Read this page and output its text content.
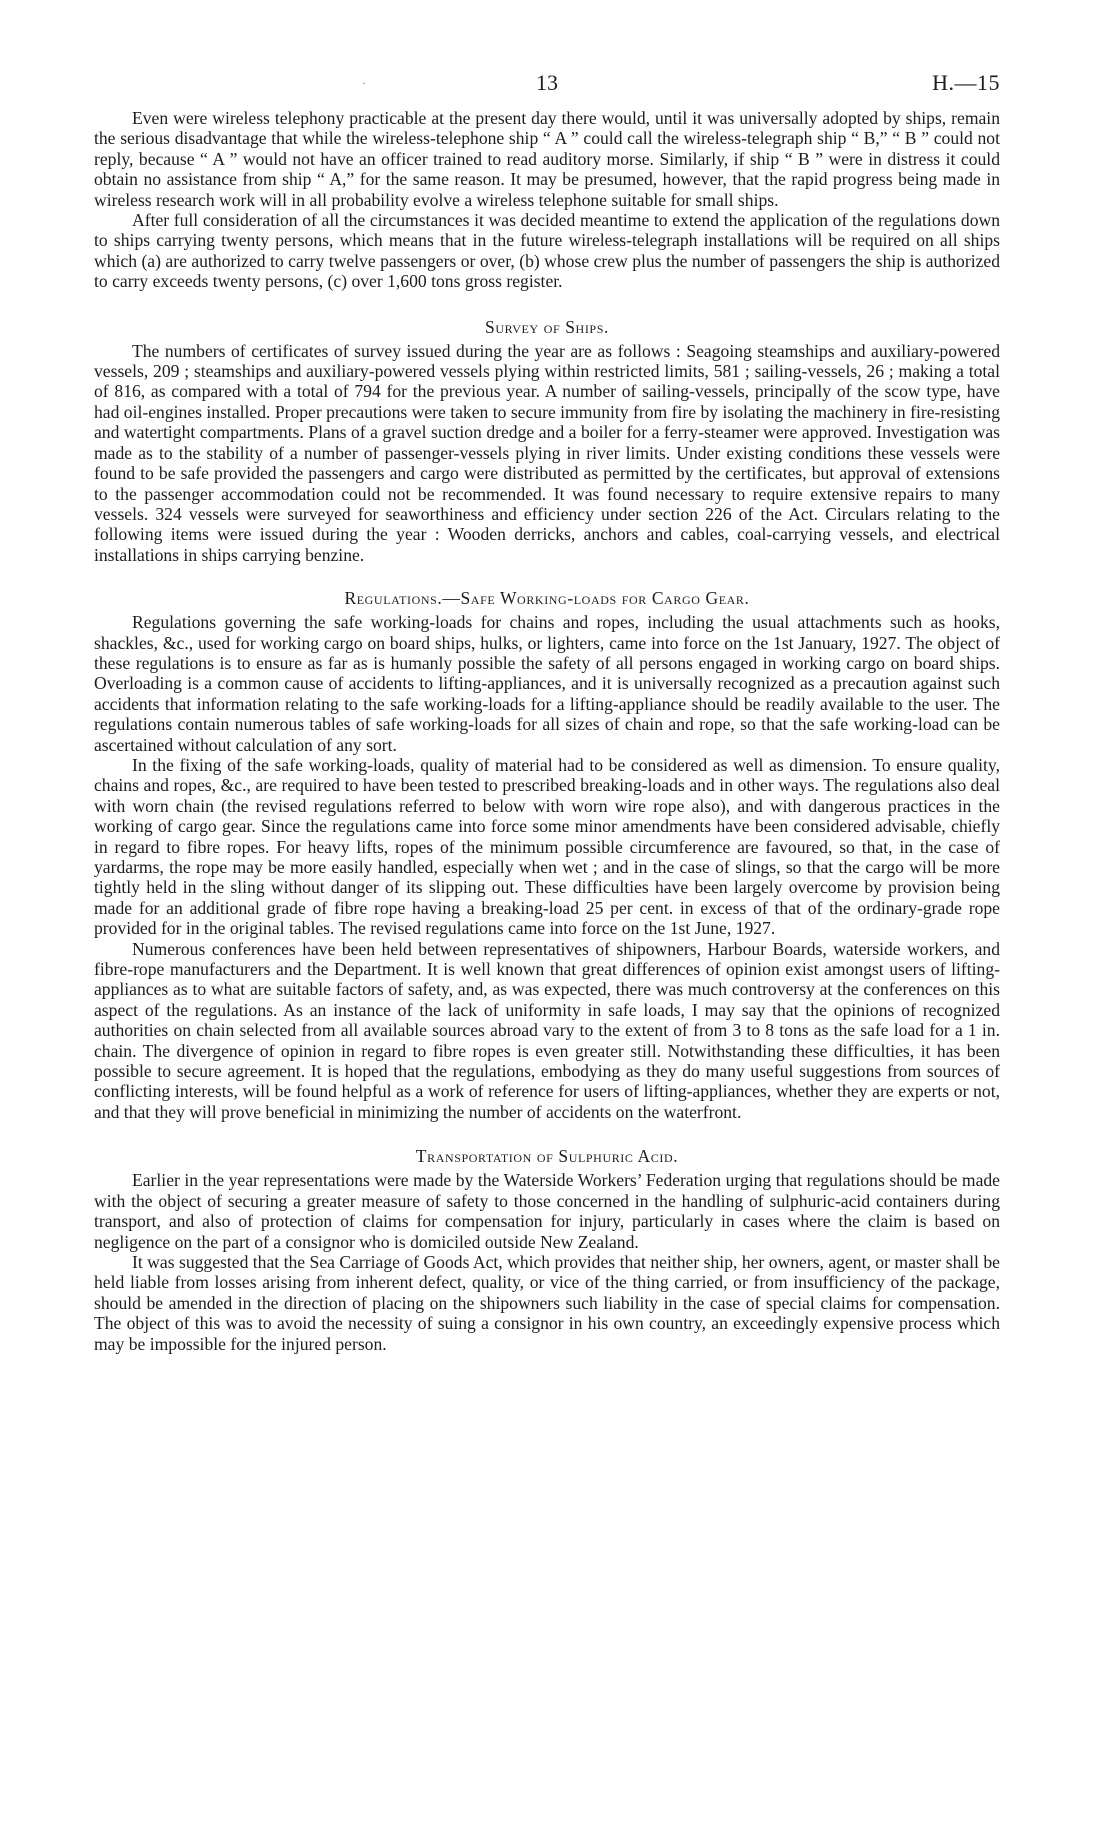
·	13	H.—15

Even were wireless telephony practicable at the present day there would, until it was universally adopted by ships, remain the serious disadvantage that while the wireless-telephone ship “ A ” could call the wireless-telegraph ship “ B,” “ B ” could not reply, because “ A ” would not have an officer trained to read auditory morse. Similarly, if ship “ B ” were in distress it could obtain no assistance from ship “ A,” for the same reason. It may be presumed, however, that the rapid progress being made in wireless research work will in all probability evolve a wireless telephone suitable for small ships.

After full consideration of all the circumstances it was decided meantime to extend the application of the regulations down to ships carrying twenty persons, which means that in the future wireless-telegraph installations will be required on all ships which (a) are authorized to carry twelve passengers or over, (b) whose crew plus the number of passengers the ship is authorized to carry exceeds twenty persons, (c) over 1,600 tons gross register.

Survey of Ships.

The numbers of certificates of survey issued during the year are as follows : Seagoing steamships and auxiliary-powered vessels, 209 ; steamships and auxiliary-powered vessels plying within restricted limits, 581 ; sailing-vessels, 26 ; making a total of 816, as compared with a total of 794 for the previous year. A number of sailing-vessels, principally of the scow type, have had oil-engines installed. Proper precautions were taken to secure immunity from fire by isolating the machinery in fire-resisting and watertight compartments. Plans of a gravel suction dredge and a boiler for a ferry-steamer were approved. Investigation was made as to the stability of a number of passenger-vessels plying in river limits. Under existing conditions these vessels were found to be safe provided the passengers and cargo were distributed as permitted by the certificates, but approval of extensions to the passenger accommodation could not be recommended. It was found necessary to require extensive repairs to many vessels. 324 vessels were surveyed for seaworthiness and efficiency under section 226 of the Act. Circulars relating to the following items were issued during the year : Wooden derricks, anchors and cables, coal-carrying vessels, and electrical installations in ships carrying benzine.

Regulations.—Safe Working-loads for Cargo Gear.

Regulations governing the safe working-loads for chains and ropes, including the usual attachments such as hooks, shackles, &c., used for working cargo on board ships, hulks, or lighters, came into force on the 1st January, 1927. The object of these regulations is to ensure as far as is humanly possible the safety of all persons engaged in working cargo on board ships. Overloading is a common cause of accidents to lifting-appliances, and it is universally recognized as a precaution against such accidents that information relating to the safe working-loads for a lifting-appliance should be readily available to the user. The regulations contain numerous tables of safe working-loads for all sizes of chain and rope, so that the safe working-load can be ascertained without calculation of any sort.

In the fixing of the safe working-loads, quality of material had to be considered as well as dimension. To ensure quality, chains and ropes, &c., are required to have been tested to prescribed breaking-loads and in other ways. The regulations also deal with worn chain (the revised regulations referred to below with worn wire rope also), and with dangerous practices in the working of cargo gear. Since the regulations came into force some minor amendments have been considered advisable, chiefly in regard to fibre ropes. For heavy lifts, ropes of the minimum possible circumference are favoured, so that, in the case of yardarms, the rope may be more easily handled, especially when wet ; and in the case of slings, so that the cargo will be more tightly held in the sling without danger of its slipping out. These difficulties have been largely overcome by provision being made for an additional grade of fibre rope having a breaking-load 25 per cent. in excess of that of the ordinary-grade rope provided for in the original tables. The revised regulations came into force on the 1st June, 1927.

Numerous conferences have been held between representatives of shipowners, Harbour Boards, waterside workers, and fibre-rope manufacturers and the Department. It is well known that great differences of opinion exist amongst users of lifting-appliances as to what are suitable factors of safety, and, as was expected, there was much controversy at the conferences on this aspect of the regulations. As an instance of the lack of uniformity in safe loads, I may say that the opinions of recognized authorities on chain selected from all available sources abroad vary to the extent of from 3 to 8 tons as the safe load for a 1 in. chain. The divergence of opinion in regard to fibre ropes is even greater still. Notwithstanding these difficulties, it has been possible to secure agreement. It is hoped that the regulations, embodying as they do many useful suggestions from sources of conflicting interests, will be found helpful as a work of reference for users of lifting-appliances, whether they are experts or not, and that they will prove beneficial in minimizing the number of accidents on the waterfront.

Transportation of Sulphuric Acid.

Earlier in the year representations were made by the Waterside Workers’ Federation urging that regulations should be made with the object of securing a greater measure of safety to those concerned in the handling of sulphuric-acid containers during transport, and also of protection of claims for compensation for injury, particularly in cases where the claim is based on negligence on the part of a consignor who is domiciled outside New Zealand.

It was suggested that the Sea Carriage of Goods Act, which provides that neither ship, her owners, agent, or master shall be held liable from losses arising from inherent defect, quality, or vice of the thing carried, or from insufficiency of the package, should be amended in the direction of placing on the shipowners such liability in the case of special claims for compensation. The object of this was to avoid the necessity of suing a consignor in his own country, an exceedingly expensive process which may be impossible for the injured person.
